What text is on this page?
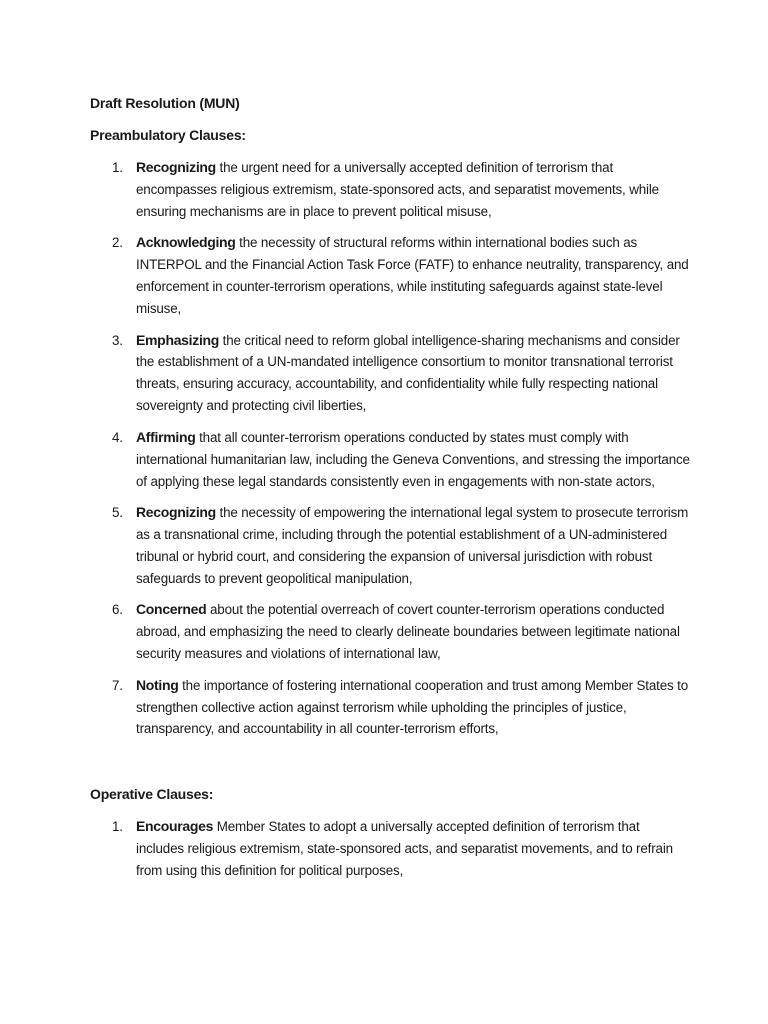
Draft Resolution (MUN)
Preambulatory Clauses:
1. Recognizing the urgent need for a universally accepted definition of terrorism that encompasses religious extremism, state-sponsored acts, and separatist movements, while ensuring mechanisms are in place to prevent political misuse,
2. Acknowledging the necessity of structural reforms within international bodies such as INTERPOL and the Financial Action Task Force (FATF) to enhance neutrality, transparency, and enforcement in counter-terrorism operations, while instituting safeguards against state-level misuse,
3. Emphasizing the critical need to reform global intelligence-sharing mechanisms and consider the establishment of a UN-mandated intelligence consortium to monitor transnational terrorist threats, ensuring accuracy, accountability, and confidentiality while fully respecting national sovereignty and protecting civil liberties,
4. Affirming that all counter-terrorism operations conducted by states must comply with international humanitarian law, including the Geneva Conventions, and stressing the importance of applying these legal standards consistently even in engagements with non-state actors,
5. Recognizing the necessity of empowering the international legal system to prosecute terrorism as a transnational crime, including through the potential establishment of a UN-administered tribunal or hybrid court, and considering the expansion of universal jurisdiction with robust safeguards to prevent geopolitical manipulation,
6. Concerned about the potential overreach of covert counter-terrorism operations conducted abroad, and emphasizing the need to clearly delineate boundaries between legitimate national security measures and violations of international law,
7. Noting the importance of fostering international cooperation and trust among Member States to strengthen collective action against terrorism while upholding the principles of justice, transparency, and accountability in all counter-terrorism efforts,
Operative Clauses:
1. Encourages Member States to adopt a universally accepted definition of terrorism that includes religious extremism, state-sponsored acts, and separatist movements, and to refrain from using this definition for political purposes,
